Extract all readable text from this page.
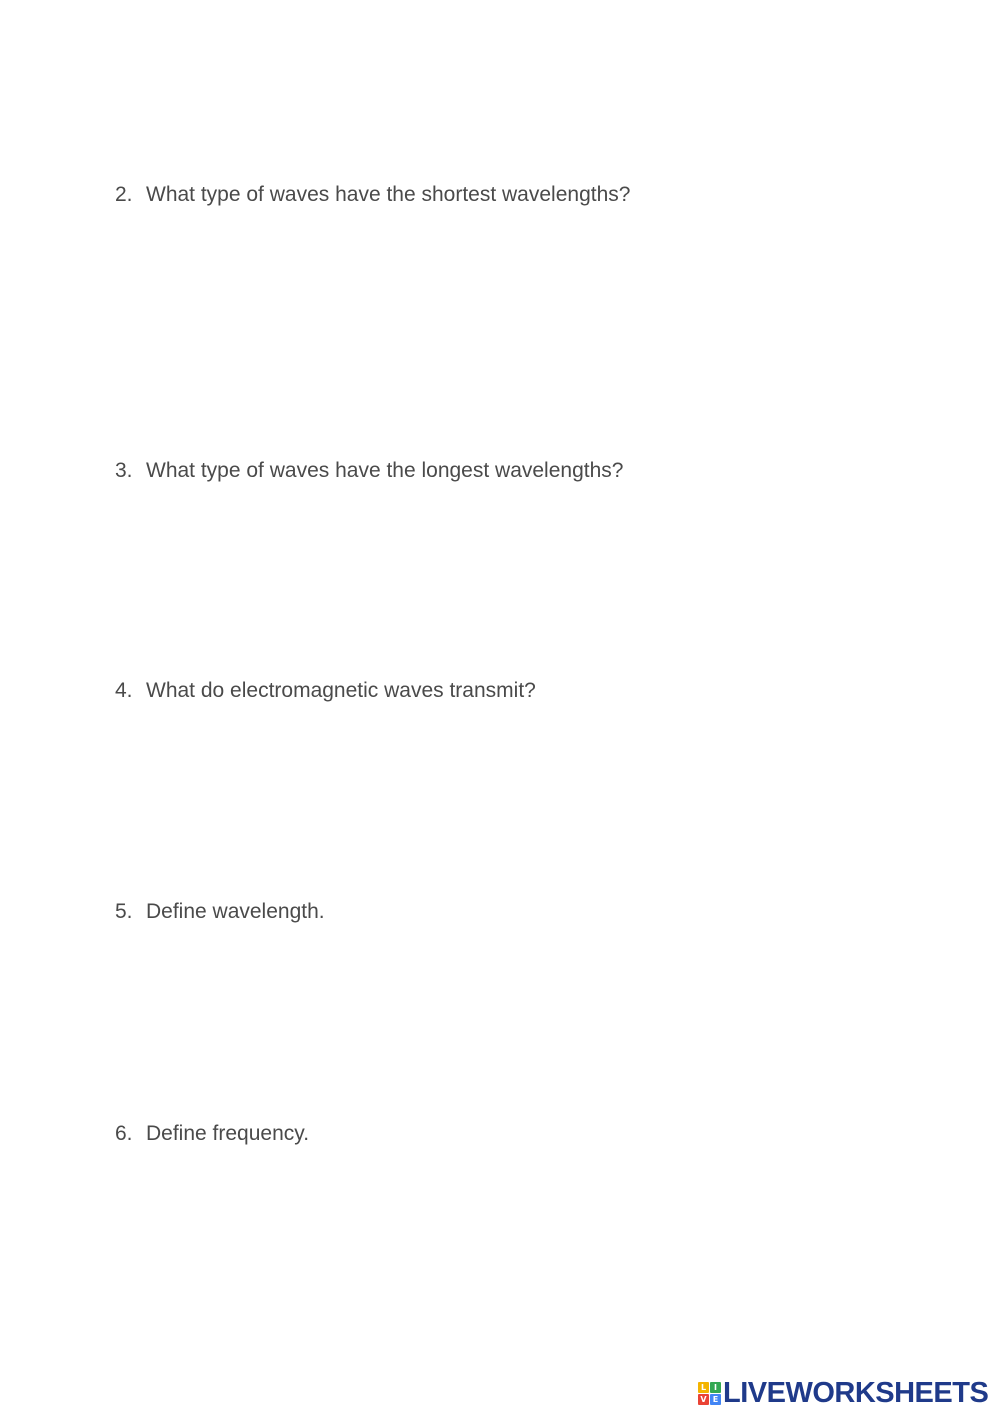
2. What type of waves have the shortest wavelengths?
3. What type of waves have the longest wavelengths?
4. What do electromagnetic waves transmit?
5. Define wavelength.
6. Define frequency.
L I
V E LIVEWORKSHEETS
